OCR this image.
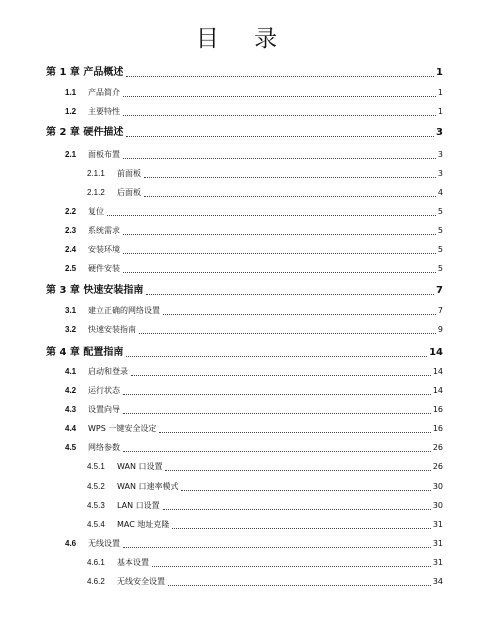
目 录
第 1 章 产品概述	1
1.1	产品简介	1
1.2	主要特性	1
第 2 章 硬件描述	3
2.1	面板布置	3
2.1.1	前面板	3
2.1.2	后面板	4
2.2	复位	5
2.3	系统需求	5
2.4	安装环境	5
2.5	硬件安装	5
第 3 章 快速安装指南	7
3.1	建立正确的网络设置	7
3.2	快速安装指南	9
第 4 章 配置指南	14
4.1	启动和登录	14
4.2	运行状态	14
4.3	设置向导	16
4.4	WPS 一键安全设定	16
4.5	网络参数	26
4.5.1	WAN 口设置	26
4.5.2	WAN 口速率模式	30
4.5.3	LAN 口设置	30
4.5.4	MAC 地址克隆	31
4.6	无线设置	31
4.6.1	基本设置	31
4.6.2	无线安全设置	34
